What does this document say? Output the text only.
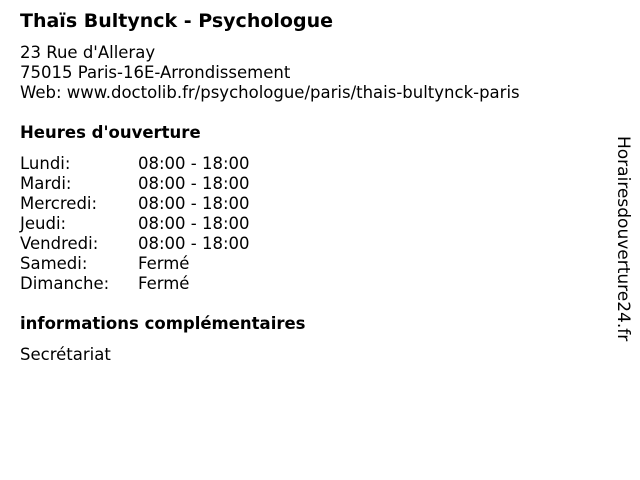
Thaïs Bultynck - Psychologue
23 Rue d'Alleray
75015 Paris-16E-Arrondissement
Web: www.doctolib.fr/psychologue/paris/thais-bultynck-paris
Heures d'ouverture
Lundi:	08:00 - 18:00
Mardi:	08:00 - 18:00
Mercredi: 08:00 - 18:00
Jeudi:	08:00 - 18:00
Vendredi: 08:00 - 18:00
Samedi:	Fermé
Dimanche: Fermé
informations complémentaires
Secrétariat
Horairesdouverture24.fr
